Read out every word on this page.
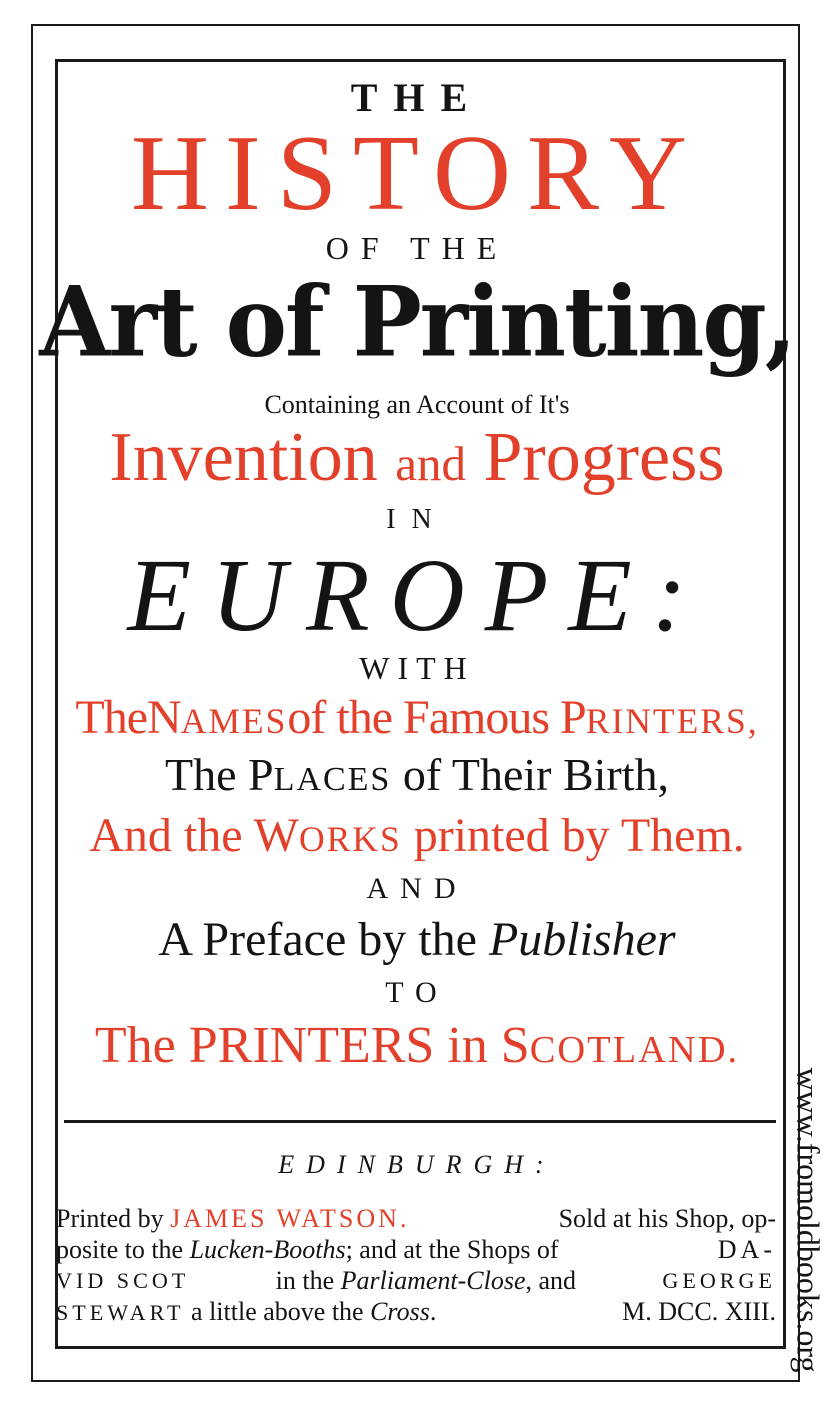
THE
HISTORY
OF THE
Art of Printing,
Containing an Account of It's
Invention and Progress
IN
EUROPE:
WITH
TheNAMESof the Famous PRINTERS,
The PLACES of Their Birth,
And the WORKS printed by Them.
AND
A Preface by the Publisher
TO
The PRINTERS in SCOTLAND.
EDINBURGH:
Printed by JAMES WATSON.	Sold at his Shop, op-
posite to the Lucken-Booths; and at the Shops of	DA-
VID SCOT	in the Parliament-Close, and	GEORGE
STEWART a little above the Cross.	M. DCC. XIII. www.fromoldbooks.org
